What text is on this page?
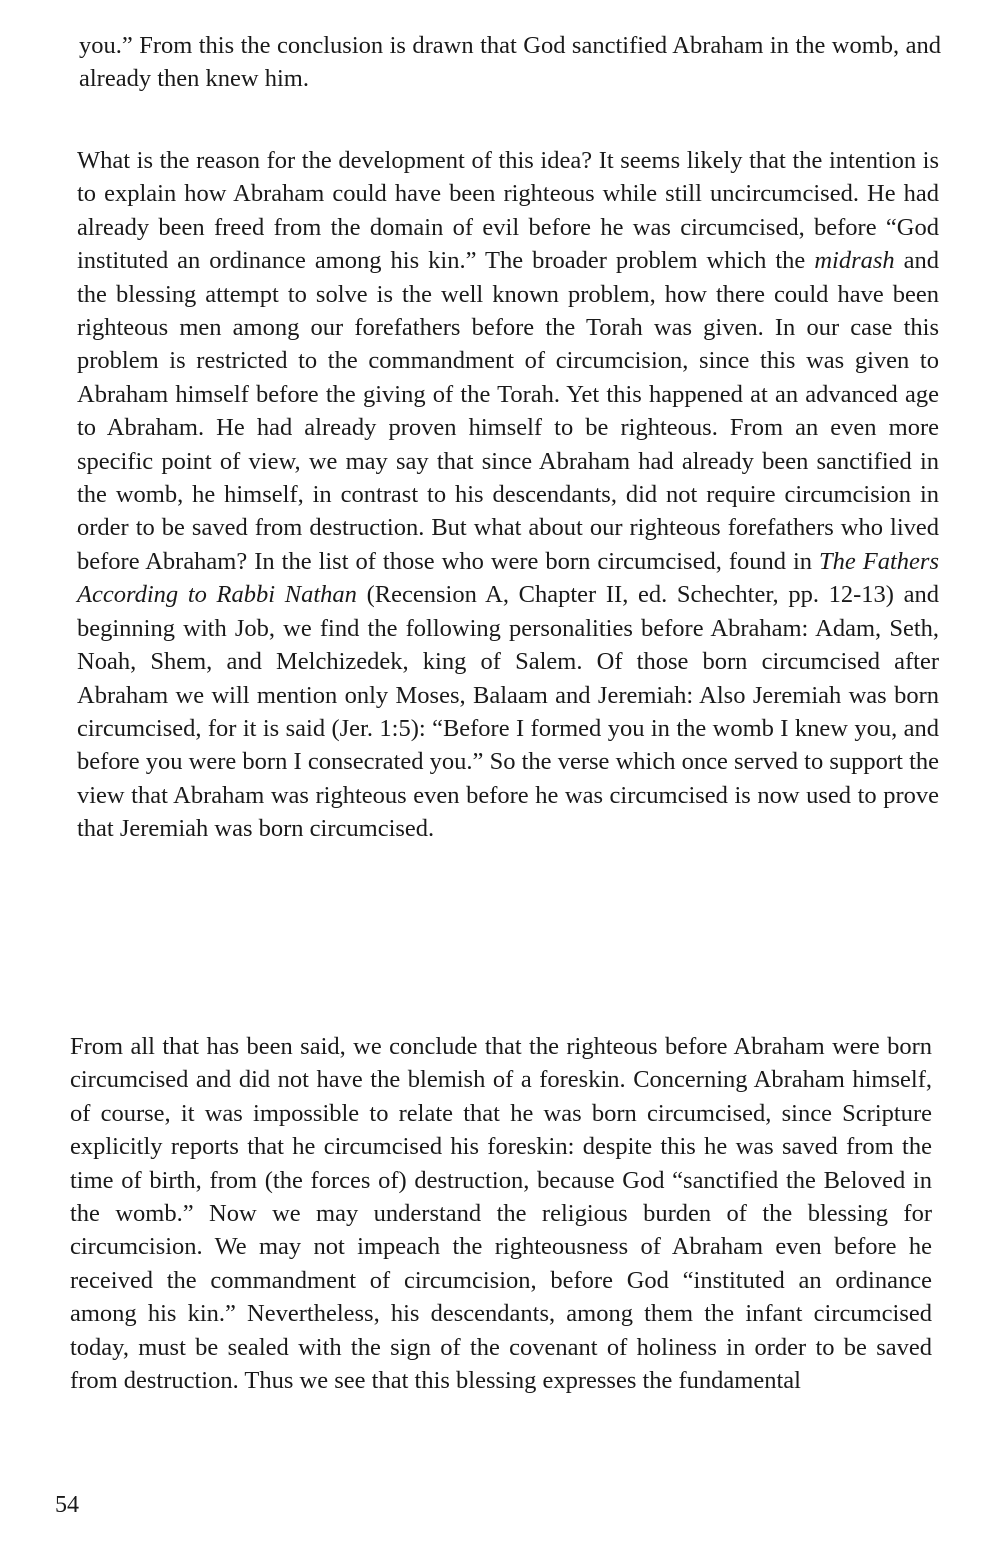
you.” From this the conclusion is drawn that God sanctified Abraham in the womb, and already then knew him.

What is the reason for the development of this idea? It seems likely that the intention is to explain how Abraham could have been righteous while still uncircumcised. He had already been freed from the domain of evil before he was circumcised, before “God instituted an ordinance among his kin.” The broader problem which the midrash and the blessing attempt to solve is the well known problem, how there could have been righteous men among our forefathers before the Torah was given. In our case this problem is restricted to the commandment of circumcision, since this was given to Abraham himself before the giving of the Torah. Yet this happened at an advanced age to Abraham. He had already proven himself to be righteous. From an even more specific point of view, we may say that since Abraham had already been sanctified in the womb, he himself, in contrast to his descendants, did not require circumcision in order to be saved from destruction. But what about our righteous forefathers who lived before Abraham? In the list of those who were born circumcised, found in The Fathers According to Rabbi Nathan (Recension A, Chapter II, ed. Schechter, pp. 12-13) and beginning with Job, we find the following personalities before Abraham: Adam, Seth, Noah, Shem, and Melchizedek, king of Salem. Of those born circumcised after Abraham we will mention only Moses, Balaam and Jeremiah: Also Jeremiah was born circumcised, for it is said (Jer. 1:5): “Before I formed you in the womb I knew you, and before you were born I consecrated you.” So the verse which once served to support the view that Abraham was righteous even before he was circumcised is now used to prove that Jeremiah was born circumcised.

From all that has been said, we conclude that the righteous before Abraham were born circumcised and did not have the blemish of a foreskin. Concerning Abraham himself, of course, it was impossible to relate that he was born circumcised, since Scripture explicitly reports that he circumcised his foreskin: despite this he was saved from the time of birth, from (the forces of) destruction, because God “sanctified the Beloved in the womb.” Now we may understand the religious burden of the blessing for circumcision. We may not impeach the righteousness of Abraham even before he received the commandment of circumcision, before God “instituted an ordinance among his kin.” Nevertheless, his descendants, among them the infant circumcised today, must be sealed with the sign of the covenant of holiness in order to be saved from destruction. Thus we see that this blessing expresses the fundamental

54
